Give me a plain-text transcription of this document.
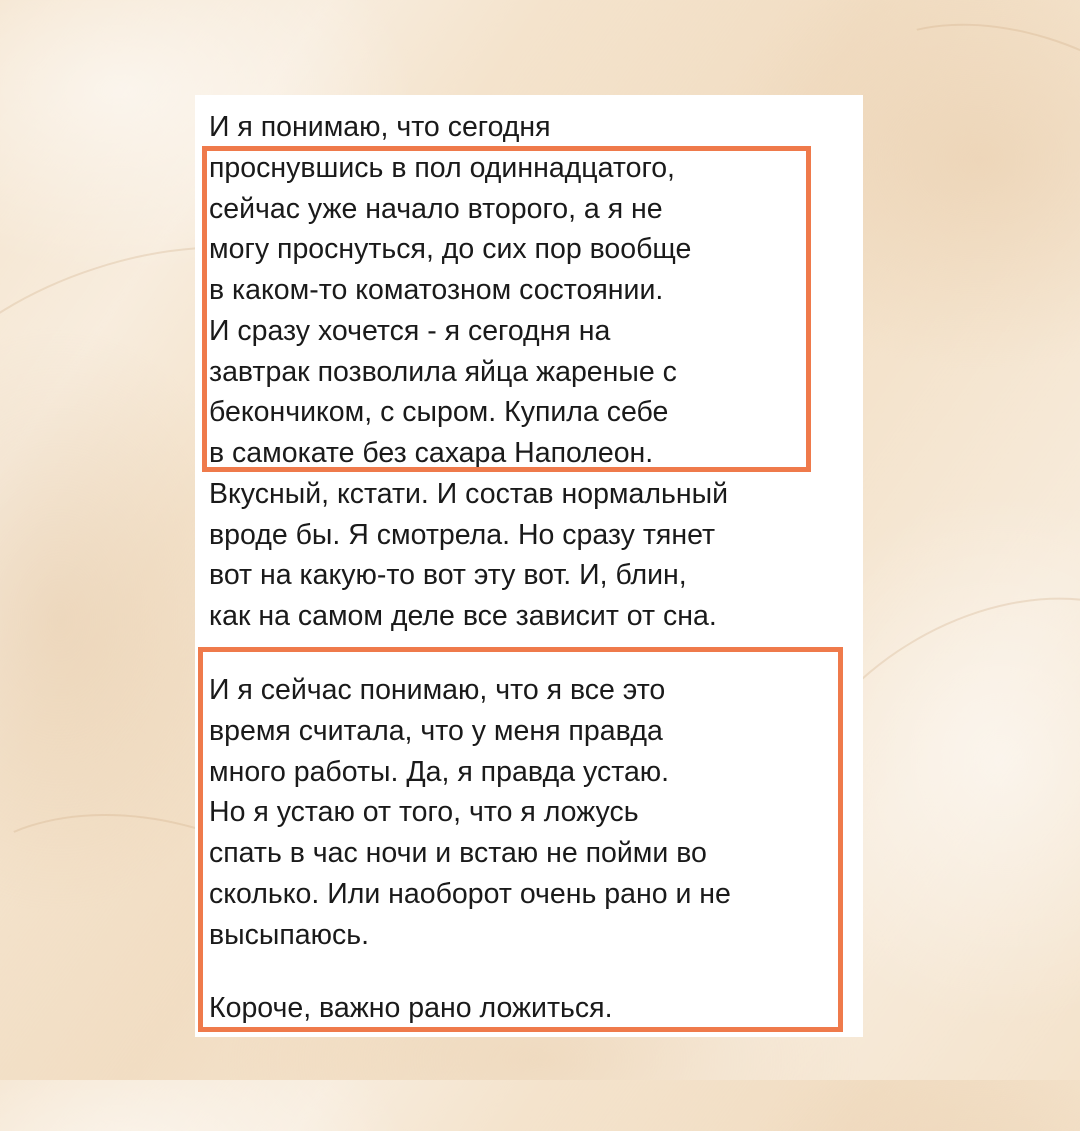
И я понимаю, что сегодня

проснувшись в пол одиннадцатого,

сейчас уже начало второго, а я не

могу проснуться, до сих пор вообще

в каком-то коматозном состоянии.

И сразу хочется - я сегодня на

завтрак позволила яйца жареные с

бекончиком, с сыром. Купила себе

в самокате без сахара Наполеон.

Вкусный, кстати. И состав нормальный

вроде бы. Я смотрела. Но сразу тянет

вот на какую-то вот эту вот. И, блин,

как на самом деле все зависит от сна.

И я сейчас понимаю, что я все это

время считала, что у меня правда

много работы. Да, я правда устаю.

Но я устаю от того, что я ложусь

спать в час ночи и встаю не пойми во

сколько. Или наоборот очень рано и не

высыпаюсь.

Короче, важно рано ложиться.
